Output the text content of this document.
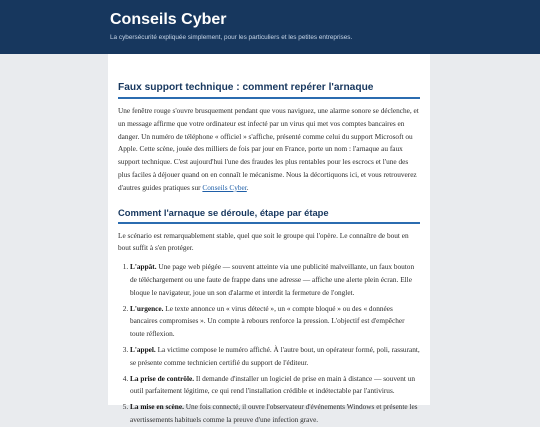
Conseils Cyber

La cybersécurité expliquée simplement, pour les particuliers et les petites entreprises.

Faux support technique : comment repérer l'arnaque

Une fenêtre rouge s'ouvre brusquement pendant que vous naviguez, une alarme sonore se déclenche, et un message affirme que votre ordinateur est infecté par un virus qui met vos comptes bancaires en danger. Un numéro de téléphone « officiel » s'affiche, présenté comme celui du support Microsoft ou Apple. Cette scène, jouée des milliers de fois par jour en France, porte un nom : l'arnaque au faux support technique. C'est aujourd'hui l'une des fraudes les plus rentables pour les escrocs et l'une des plus faciles à déjouer quand on en connaît le mécanisme. Nous la décortiquons ici, et vous retrouverez d'autres guides pratiques sur Conseils Cyber.

Comment l'arnaque se déroule, étape par étape

Le scénario est remarquablement stable, quel que soit le groupe qui l'opère. Le connaître de bout en bout suffit à s'en protéger.

1. L'appât. Une page web piégée — souvent atteinte via une publicité malveillante, un faux bouton de téléchargement ou une faute de frappe dans une adresse — affiche une alerte plein écran. Elle bloque le navigateur, joue un son d'alarme et interdit la fermeture de l'onglet.
2. L'urgence. Le texte annonce un « virus détecté », un « compte bloqué » ou des « données bancaires compromises ». Un compte à rebours renforce la pression. L'objectif est d'empêcher toute réflexion.
3. L'appel. La victime compose le numéro affiché. À l'autre bout, un opérateur formé, poli, rassurant, se présente comme technicien certifié du support de l'éditeur.
4. La prise de contrôle. Il demande d'installer un logiciel de prise en main à distance — souvent un outil parfaitement légitime, ce qui rend l'installation crédible et indétectable par l'antivirus.
5. La mise en scène. Une fois connecté, il ouvre l'observateur d'événements Windows et présente les avertissements habituels comme la preuve d'une infection grave.
